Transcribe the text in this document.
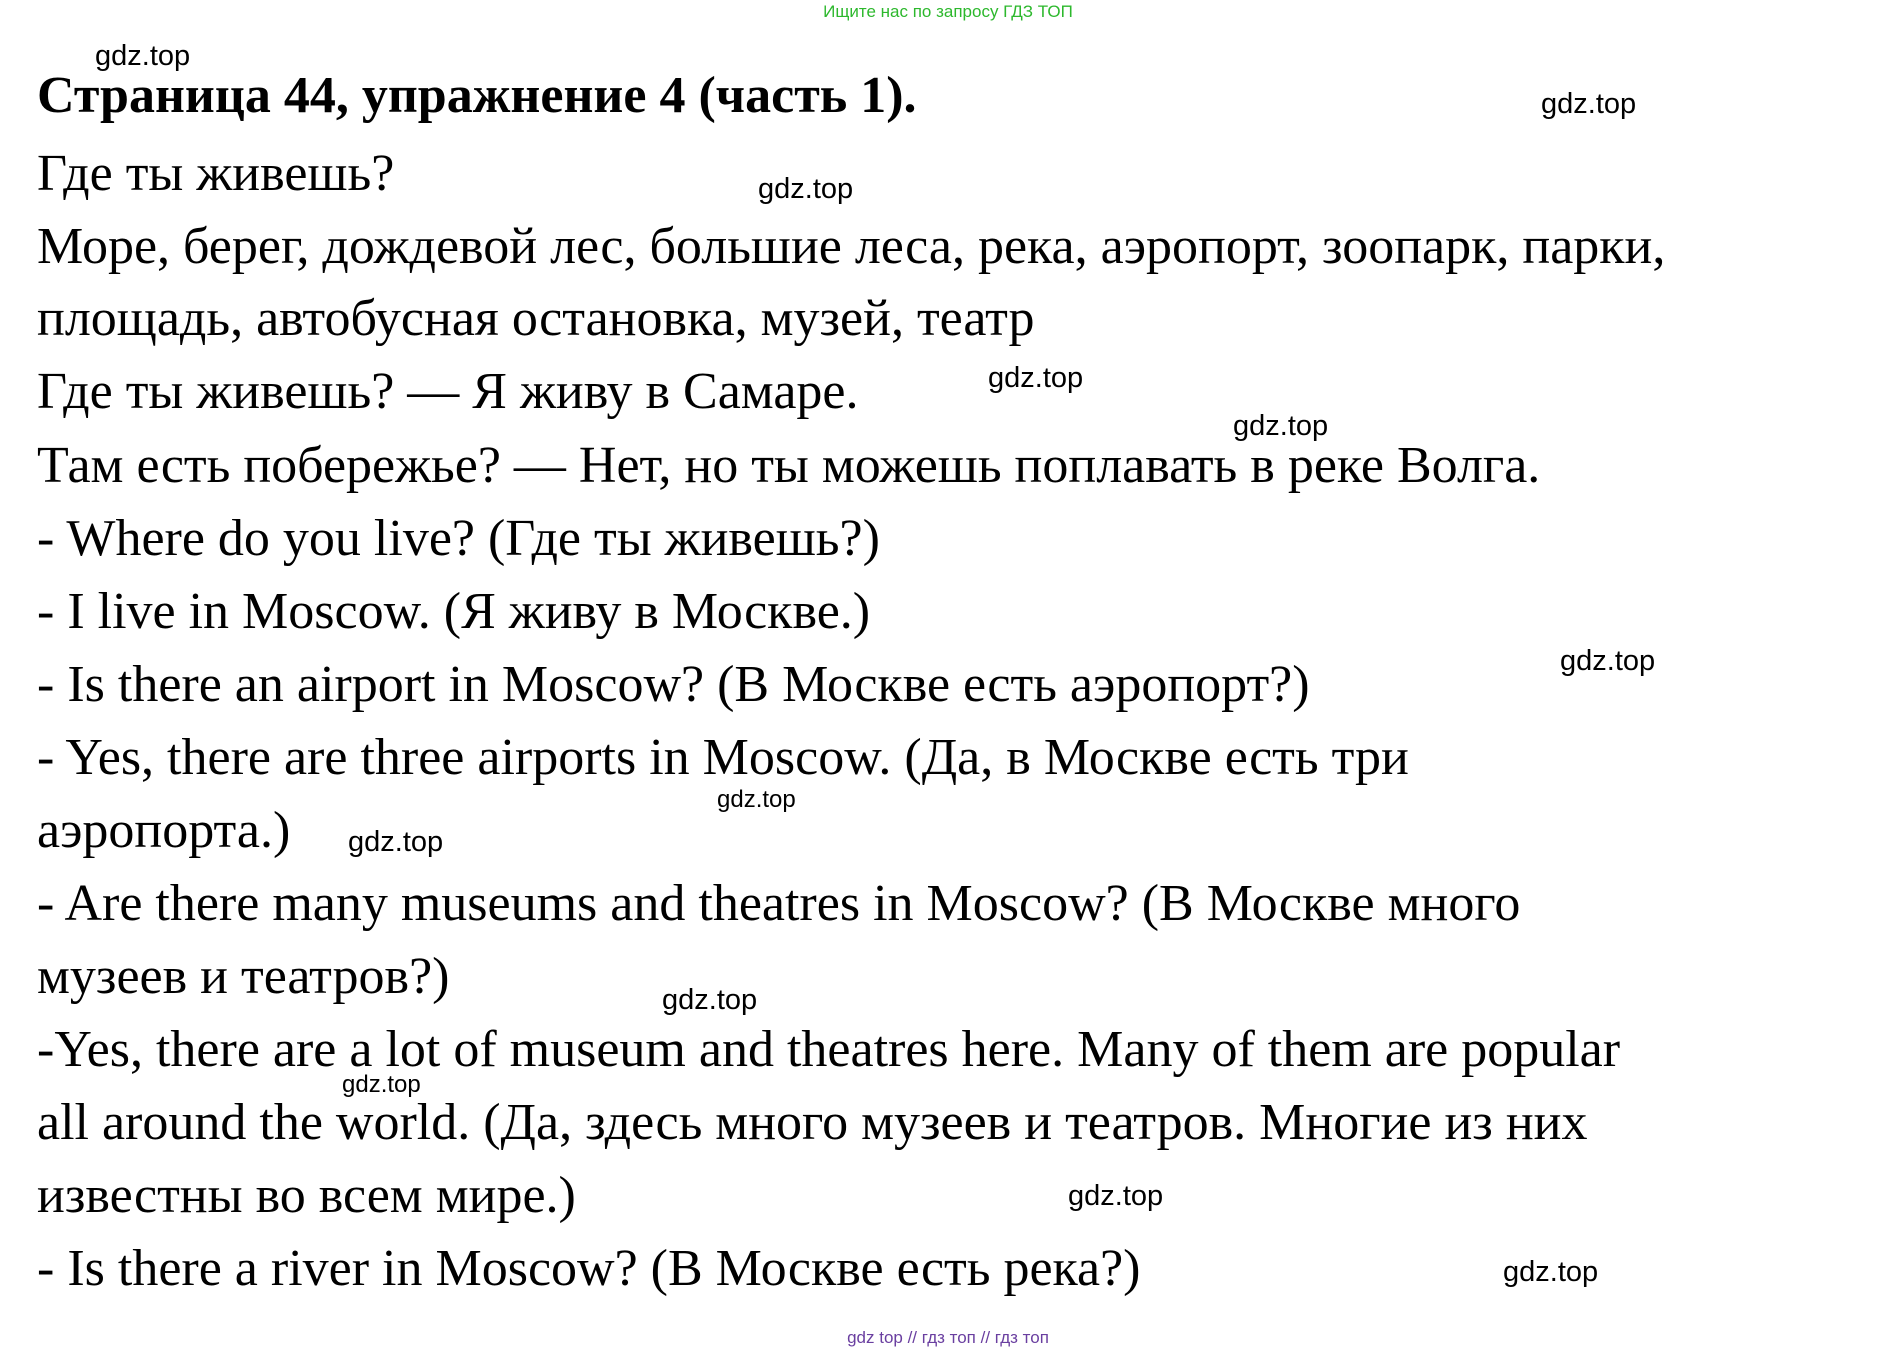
Ищите нас по запросу ГДЗ ТОП
Страница 44, упражнение 4 (часть 1).
Где ты живешь?
Море, берег, дождевой лес, большие леса, река, аэропорт, зоопарк, парки,
площадь, автобусная остановка, музей, театр
Где ты живешь? — Я живу в Самаре.
Там есть побережье? — Нет, но ты можешь поплавать в реке Волга.
- Where do you live? (Где ты живешь?)
- I live in Moscow. (Я живу в Москве.)
- Is there an airport in Moscow? (В Москве есть аэропорт?)
- Yes, there are three airports in Moscow. (Да, в Москве есть три
аэропорта.)
- Are there many museums and theatres in Moscow? (В Москве много
музеев и театров?)
-Yes, there are a lot of museum and theatres here. Many of them are popular
all around the world. (Да, здесь много музеев и театров. Многие из них
известны во всем мире.)
- Is there a river in Moscow? (В Москве есть река?)
gdz.top
gdz.top
gdz.top
gdz.top
gdz.top
gdz.top
gdz.top
gdz.top
gdz.top
gdz.top
gdz.top
gdz.top
gdz top // гдз топ // гдз топ
